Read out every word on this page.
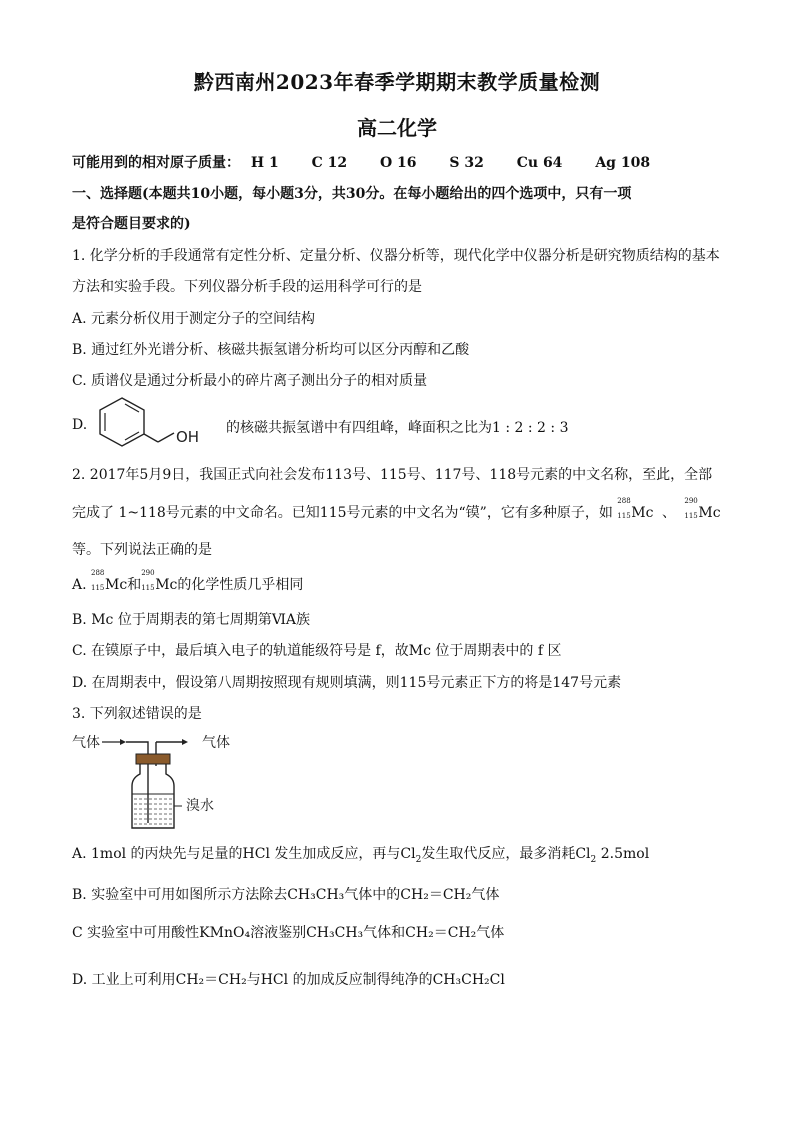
黔西南州2023年春季学期期末教学质量检测
高二化学
可能用到的相对原子质量： H 1 C 12 O 16 S 32 Cu 64 Ag 108
一、选择题(本题共10小题，每小题3分，共30分。在每小题给出的四个选项中，只有一项
是符合题目要求的)
1. 化学分析的手段通常有定性分析、定量分析、仪器分析等，现代化学中仪器分析是研究物质结构的基本
方法和实验手段。下列仪器分析手段的运用科学可行的是
A. 元素分析仪用于测定分子的空间结构
B. 通过红外光谱分析、核磁共振氢谱分析均可以区分丙醇和乙酸
C. 质谱仪是通过分析最小的碎片离子测出分子的相对质量
D.
OH 的核磁共振氢谱中有四组峰，峰面积之比为1 : 2 : 2 : 3
2. 2017年5月9日，我国正式向社会发布113号、115号、117号、118号元素的中文名称，至此，全部
完成了 1~118号元素的中文命名。已知115号元素的中文名为“镆”，它有多种原子，如
288
115 Mc 、
290
115 Mc
等。下列说法正确的是
A.
288
115 Mc和
290
115 Mc的化学性质几乎相同
B. Mc 位于周期表的第七周期第ⅥA族
C. 在镆原子中，最后填入电子的轨道能级符号是 f，故Mc 位于周期表中的 f 区
D. 在周期表中，假设第八周期按照现有规则填满，则115号元素正下方的将是147号元素
3. 下列叙述错误的是
气体	气体
溴水
A. 1mol 的丙炔先与足量的HCl 发生加成反应，再与$Cl_2$发生取代反应，最多消耗$Cl_2$ 2.5mol
B. 实验室中可用如图所示方法除去CH₃CH₃气体中的CH₂＝CH₂气体
C 实验室中可用酸性KMnO₄溶液鉴别CH₃CH₃气体和CH₂＝CH₂气体
D. 工业上可利用CH₂＝CH₂与HCl 的加成反应制得纯净的CH₃CH₂Cl
